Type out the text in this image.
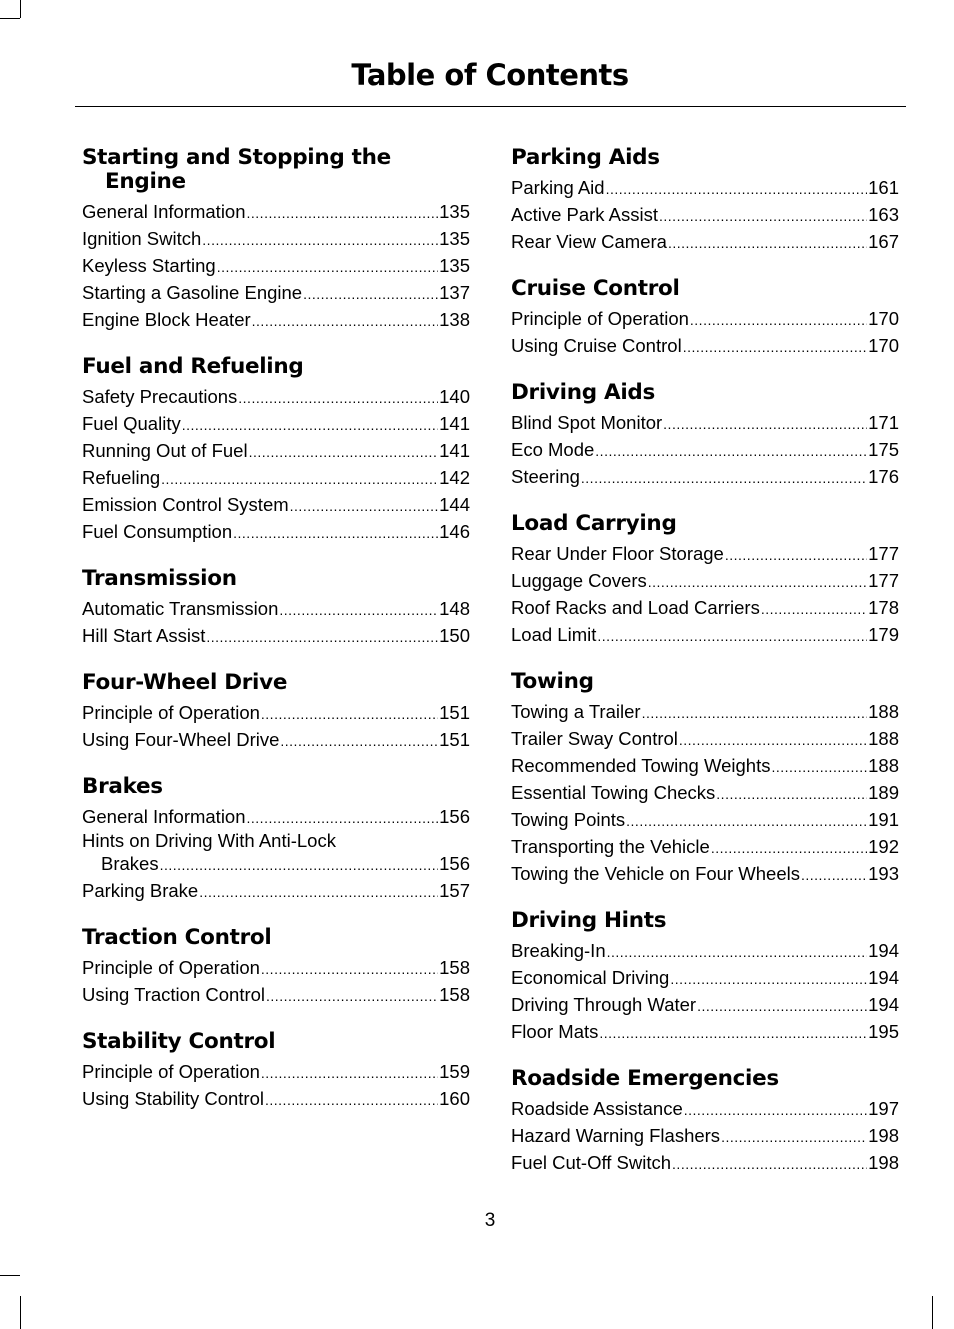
Table of Contents
Starting and Stopping the Engine
General Information .....	135
Ignition Switch .....	135
Keyless Starting .....	135
Starting a Gasoline Engine .....	137
Engine Block Heater .....	138
Fuel and Refueling
Safety Precautions .....	140
Fuel Quality .....	141
Running Out of Fuel .....	141
Refueling .....	142
Emission Control System .....	144
Fuel Consumption .....	146
Transmission
Automatic Transmission .....	148
Hill Start Assist .....	150
Four-Wheel Drive
Principle of Operation .....	151
Using Four-Wheel Drive .....	151
Brakes
General Information .....	156
Hints on Driving With Anti-Lock
Brakes .....	156
Parking Brake .....	157
Traction Control
Principle of Operation .....	158
Using Traction Control .....	158
Stability Control
Principle of Operation .....	159
Using Stability Control .....	160
Parking Aids
Parking Aid .....	161
Active Park Assist .....	163
Rear View Camera .....	167
Cruise Control
Principle of Operation .....	170
Using Cruise Control .....	170
Driving Aids
Blind Spot Monitor .....	171
Eco Mode .....	175
Steering .....	176
Load Carrying
Rear Under Floor Storage .....	177
Luggage Covers .....	177
Roof Racks and Load Carriers .....	178
Load Limit .....	179
Towing
Towing a Trailer .....	188
Trailer Sway Control .....	188
Recommended Towing Weights .....	188
Essential Towing Checks .....	189
Towing Points .....	191
Transporting the Vehicle .....	192
Towing the Vehicle on Four Wheels .....	193
Driving Hints
Breaking-In .....	194
Economical Driving .....	194
Driving Through Water .....	194
Floor Mats .....	195
Roadside Emergencies
Roadside Assistance .....	197
Hazard Warning Flashers .....	198
Fuel Cut-Off Switch .....	198
3
